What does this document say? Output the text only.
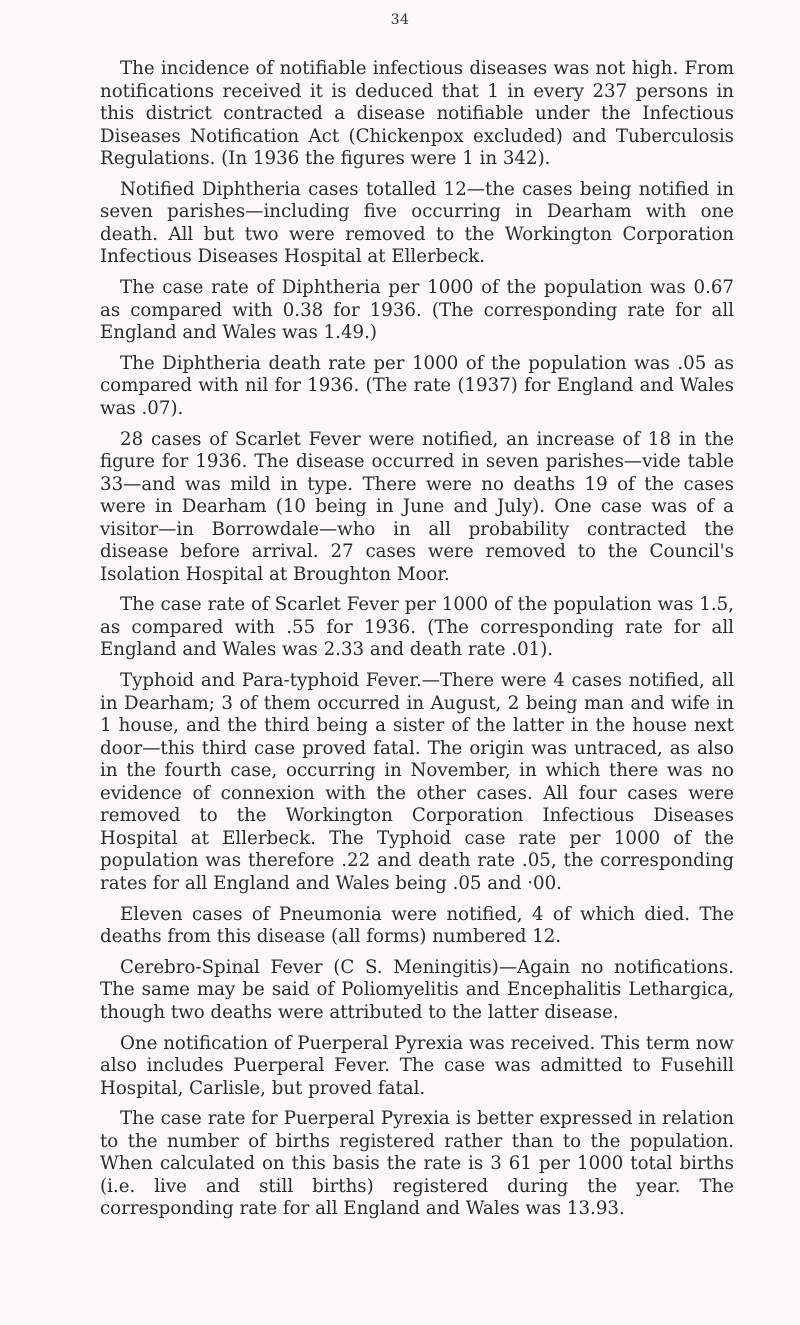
34

The incidence of notifiable infectious diseases was not high. From notifications received it is deduced that 1 in every 237 persons in this district contracted a disease notifiable under the Infectious Diseases Notification Act (Chickenpox excluded) and Tuberculosis Regulations. (In 1936 the figures were 1 in 342).

Notified Diphtheria cases totalled 12—the cases being notified in seven parishes—including five occurring in Dearham with one death. All but two were removed to the Workington Corporation Infectious Diseases Hospital at Ellerbeck.

The case rate of Diphtheria per 1000 of the population was 0.67 as compared with 0.38 for 1936. (The corresponding rate for all England and Wales was 1.49.)

The Diphtheria death rate per 1000 of the population was .05 as compared with nil for 1936. (The rate (1937) for England and Wales was .07).

28 cases of Scarlet Fever were notified, an increase of 18 in the figure for 1936. The disease occurred in seven parishes—vide table 33—and was mild in type. There were no deaths 19 of the cases were in Dearham (10 being in June and July). One case was of a visitor—in Borrowdale—who in all probability contracted the disease before arrival. 27 cases were removed to the Council's Isolation Hospital at Broughton Moor.

The case rate of Scarlet Fever per 1000 of the population was 1.5, as compared with .55 for 1936. (The corresponding rate for all England and Wales was 2.33 and death rate .01).

Typhoid and Para-typhoid Fever.—There were 4 cases notified, all in Dearham; 3 of them occurred in August, 2 being man and wife in 1 house, and the third being a sister of the latter in the house next door—this third case proved fatal. The origin was untraced, as also in the fourth case, occurring in November, in which there was no evidence of connexion with the other cases. All four cases were removed to the Workington Corporation Infectious Diseases Hospital at Ellerbeck. The Typhoid case rate per 1000 of the population was therefore .22 and death rate .05, the corresponding rates for all England and Wales being .05 and ·00.

Eleven cases of Pneumonia were notified, 4 of which died. The deaths from this disease (all forms) numbered 12.

Cerebro-Spinal Fever (C S. Meningitis)—Again no notifications. The same may be said of Poliomyelitis and Encephalitis Lethargica, though two deaths were attributed to the latter disease.

One notification of Puerperal Pyrexia was received. This term now also includes Puerperal Fever. The case was admitted to Fusehill Hospital, Carlisle, but proved fatal.

The case rate for Puerperal Pyrexia is better expressed in relation to the number of births registered rather than to the population. When calculated on this basis the rate is 3 61 per 1000 total births (i.e. live and still births) registered during the year. The corresponding rate for all England and Wales was 13.93.
